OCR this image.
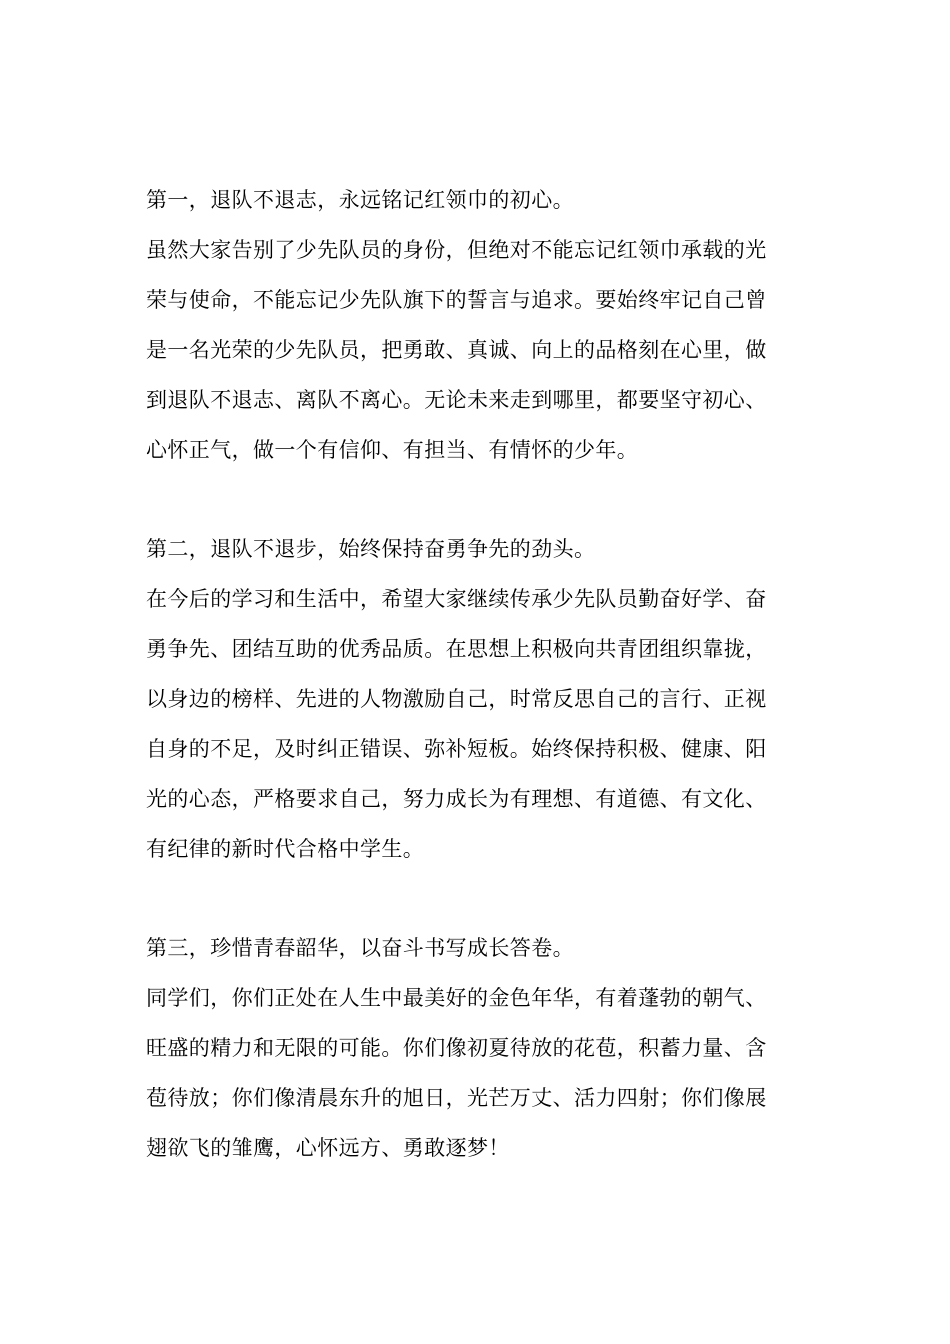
第一，退队不退志，永远铭记红领巾的初心。
虽然大家告别了少先队员的身份，但绝对不能忘记红领巾承载的光
荣与使命，不能忘记少先队旗下的誓言与追求。要始终牢记自己曾
是一名光荣的少先队员，把勇敢、真诚、向上的品格刻在心里，做
到退队不退志、离队不离心。无论未来走到哪里，都要坚守初心、
心怀正气，做一个有信仰、有担当、有情怀的少年。
第二，退队不退步，始终保持奋勇争先的劲头。
在今后的学习和生活中，希望大家继续传承少先队员勤奋好学、奋
勇争先、团结互助的优秀品质。在思想上积极向共青团组织靠拢，
以身边的榜样、先进的人物激励自己，时常反思自己的言行、正视
自身的不足，及时纠正错误、弥补短板。始终保持积极、健康、阳
光的心态，严格要求自己，努力成长为有理想、有道德、有文化、
有纪律的新时代合格中学生。
第三，珍惜青春韶华，以奋斗书写成长答卷。
同学们，你们正处在人生中最美好的金色年华，有着蓬勃的朝气、
旺盛的精力和无限的可能。你们像初夏待放的花苞，积蓄力量、含
苞待放；你们像清晨东升的旭日，光芒万丈、活力四射；你们像展
翅欲飞的雏鹰，心怀远方、勇敢逐梦！
